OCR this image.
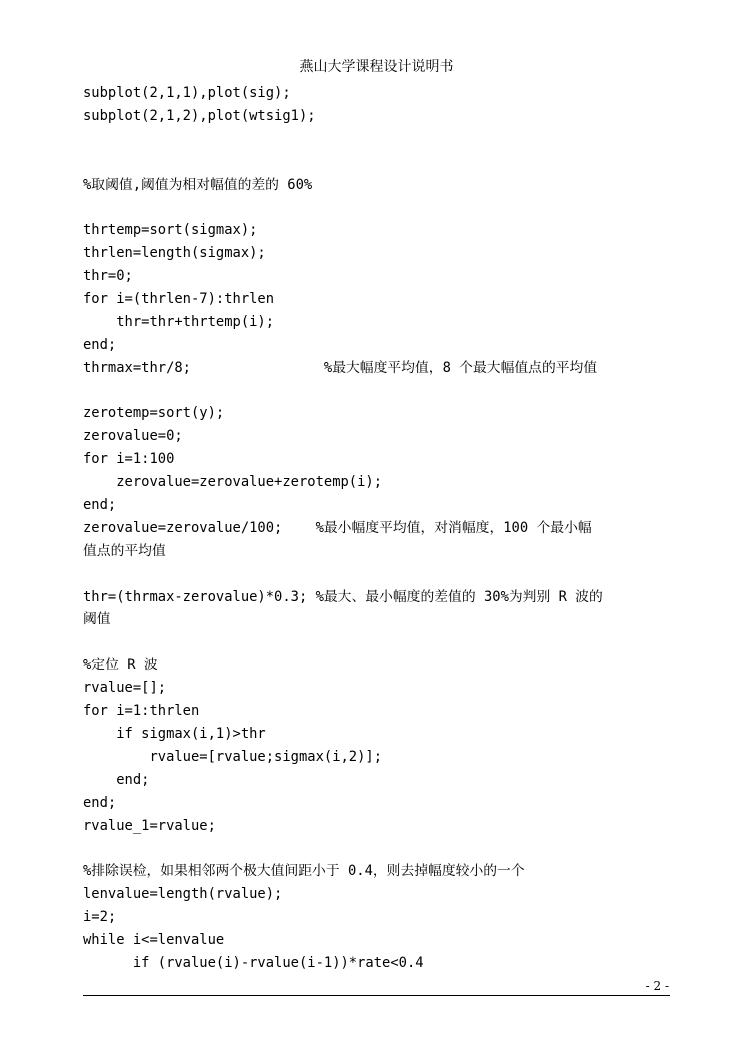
燕山大学课程设计说明书
subplot(2,1,1),plot(sig);
subplot(2,1,2),plot(wtsig1);
%取阈值,阈值为相对幅值的差的 60%
thrtemp=sort(sigmax);
thrlen=length(sigmax);
thr=0;
for i=(thrlen-7):thrlen
thr=thr+thrtemp(i);
end;
thrmax=thr/8;                %最大幅度平均值，8 个最大幅值点的平均值
zerotemp=sort(y);
zerovalue=0;
for i=1:100
zerovalue=zerovalue+zerotemp(i);
end;
zerovalue=zerovalue/100;    %最小幅度平均值，对消幅度，100 个最小幅
值点的平均值
thr=(thrmax-zerovalue)*0.3; %最大、最小幅度的差值的 30%为判别 R 波的
阈值
%定位 R 波
rvalue=[];
for i=1:thrlen
if sigmax(i,1)>thr
rvalue=[rvalue;sigmax(i,2)];
end;
end;
rvalue_1=rvalue;
%排除误检，如果相邻两个极大值间距小于 0.4，则去掉幅度较小的一个
lenvalue=length(rvalue);
i=2;
while i<=lenvalue
if (rvalue(i)-rvalue(i-1))*rate<0.4
- 2 -
